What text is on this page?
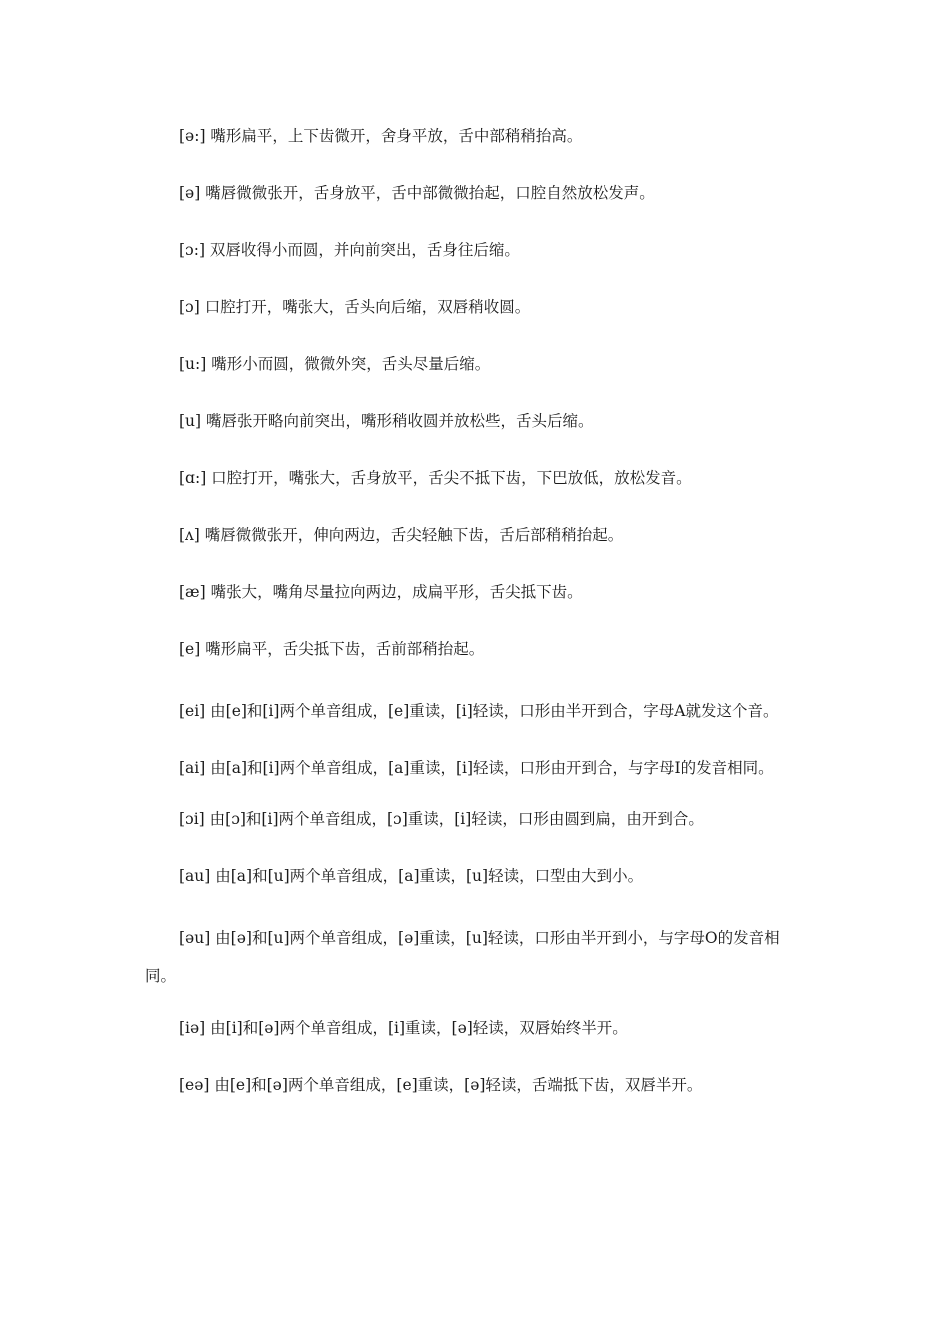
[ə:] 嘴形扁平，上下齿微开，舍身平放，舌中部稍稍抬高。

[ə] 嘴唇微微张开，舌身放平，舌中部微微抬起，口腔自然放松发声。

[ɔ:] 双唇收得小而圆，并向前突出，舌身往后缩。

[ɔ] 口腔打开，嘴张大，舌头向后缩，双唇稍收圆。

[u:] 嘴形小而圆，微微外突，舌头尽量后缩。

[u] 嘴唇张开略向前突出，嘴形稍收圆并放松些，舌头后缩。

[ɑ:] 口腔打开，嘴张大，舌身放平，舌尖不抵下齿，下巴放低，放松发音。

[ʌ] 嘴唇微微张开，伸向两边，舌尖轻触下齿，舌后部稍稍抬起。

[æ] 嘴张大，嘴角尽量拉向两边，成扁平形，舌尖抵下齿。

[e] 嘴形扁平，舌尖抵下齿，舌前部稍抬起。

[ei] 由[e]和[i]两个单音组成，[e]重读，[i]轻读，口形由半开到合，字母A就发这个音。

[ai] 由[a]和[i]两个单音组成，[a]重读，[i]轻读，口形由开到合，与字母I的发音相同。

[ɔi] 由[ɔ]和[i]两个单音组成，[ɔ]重读，[i]轻读，口形由圆到扁，由开到合。

[au] 由[a]和[u]两个单音组成，[a]重读，[u]轻读，口型由大到小。

[əu] 由[ə]和[u]两个单音组成，[ə]重读，[u]轻读，口形由半开到小，与字母O的发音相同。

[iə] 由[i]和[ə]两个单音组成，[i]重读，[ə]轻读，双唇始终半开。

[eə] 由[e]和[ə]两个单音组成，[e]重读，[ə]轻读，舌端抵下齿，双唇半开。
